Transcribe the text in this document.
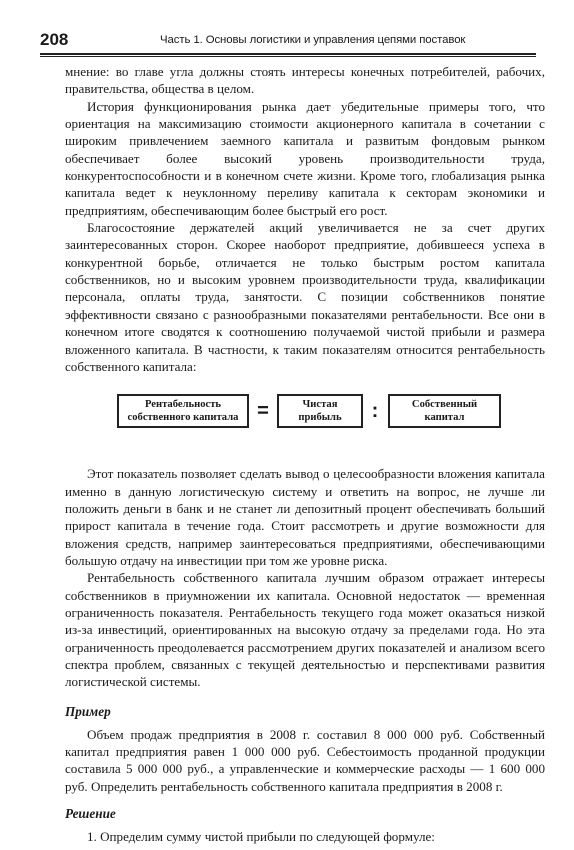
208	Часть 1. Основы логистики и управления цепями поставок

мнение: во главе угла должны стоять интересы конечных потребителей, рабочих, правительства, общества в целом.

История функционирования рынка дает убедительные примеры того, что ориентация на максимизацию стоимости акционерного капитала в сочетании с широким привлечением заемного капитала и развитым фондовым рынком обеспечивает более высокий уровень производительности труда, конкурентоспособности и в конечном счете жизни. Кроме того, глобализация рынка капитала ведет к неуклонному переливу капитала к секторам экономики и предприятиям, обеспечивающим более быстрый его рост.

Благосостояние держателей акций увеличивается не за счет других заинтересованных сторон. Скорее наоборот предприятие, добившееся успеха в конкурентной борьбе, отличается не только быстрым ростом капитала собственников, но и высоким уровнем производительности труда, квалификации персонала, оплаты труда, занятости. С позиции собственников понятие эффективности связано с разнообразными показателями рентабельности. Все они в конечном итоге сводятся к соотношению получаемой чистой прибыли и размера вложенного капитала. В частности, к таким показателям относится рентабельность собственного капитала:

Рентабельность
собственного капитала =	Чистая
прибыль	:	Собственный
капитал

Этот показатель позволяет сделать вывод о целесообразности вложения капитала именно в данную логистическую систему и ответить на вопрос, не лучше ли положить деньги в банк и не станет ли депозитный процент обеспечивать больший прирост капитала в течение года. Стоит рассмотреть и другие возможности для вложения средств, например заинтересоваться предприятиями, обеспечивающими большую отдачу на инвестиции при том же уровне риска.

Рентабельность собственного капитала лучшим образом отражает интересы собственников в приумножении их капитала. Основной недостаток — временная ограниченность показателя. Рентабельность текущего года может оказаться низкой из-за инвестиций, ориентированных на высокую отдачу за пределами года. Но эта ограниченность преодолевается рассмотрением других показателей и анализом всего спектра проблем, связанных с текущей деятельностью и перспективами развития логистической системы.

Пример

Объем продаж предприятия в 2008 г. составил 8 000 000 руб. Собственный капитал предприятия равен 1 000 000 руб. Себестоимость проданной продукции составила 5 000 000 руб., а управленческие и коммерческие расходы — 1 600 000 руб. Определить рентабельность собственного капитала предприятия в 2008 г.

Решение

1. Определим сумму чистой прибыли по следующей формуле:
